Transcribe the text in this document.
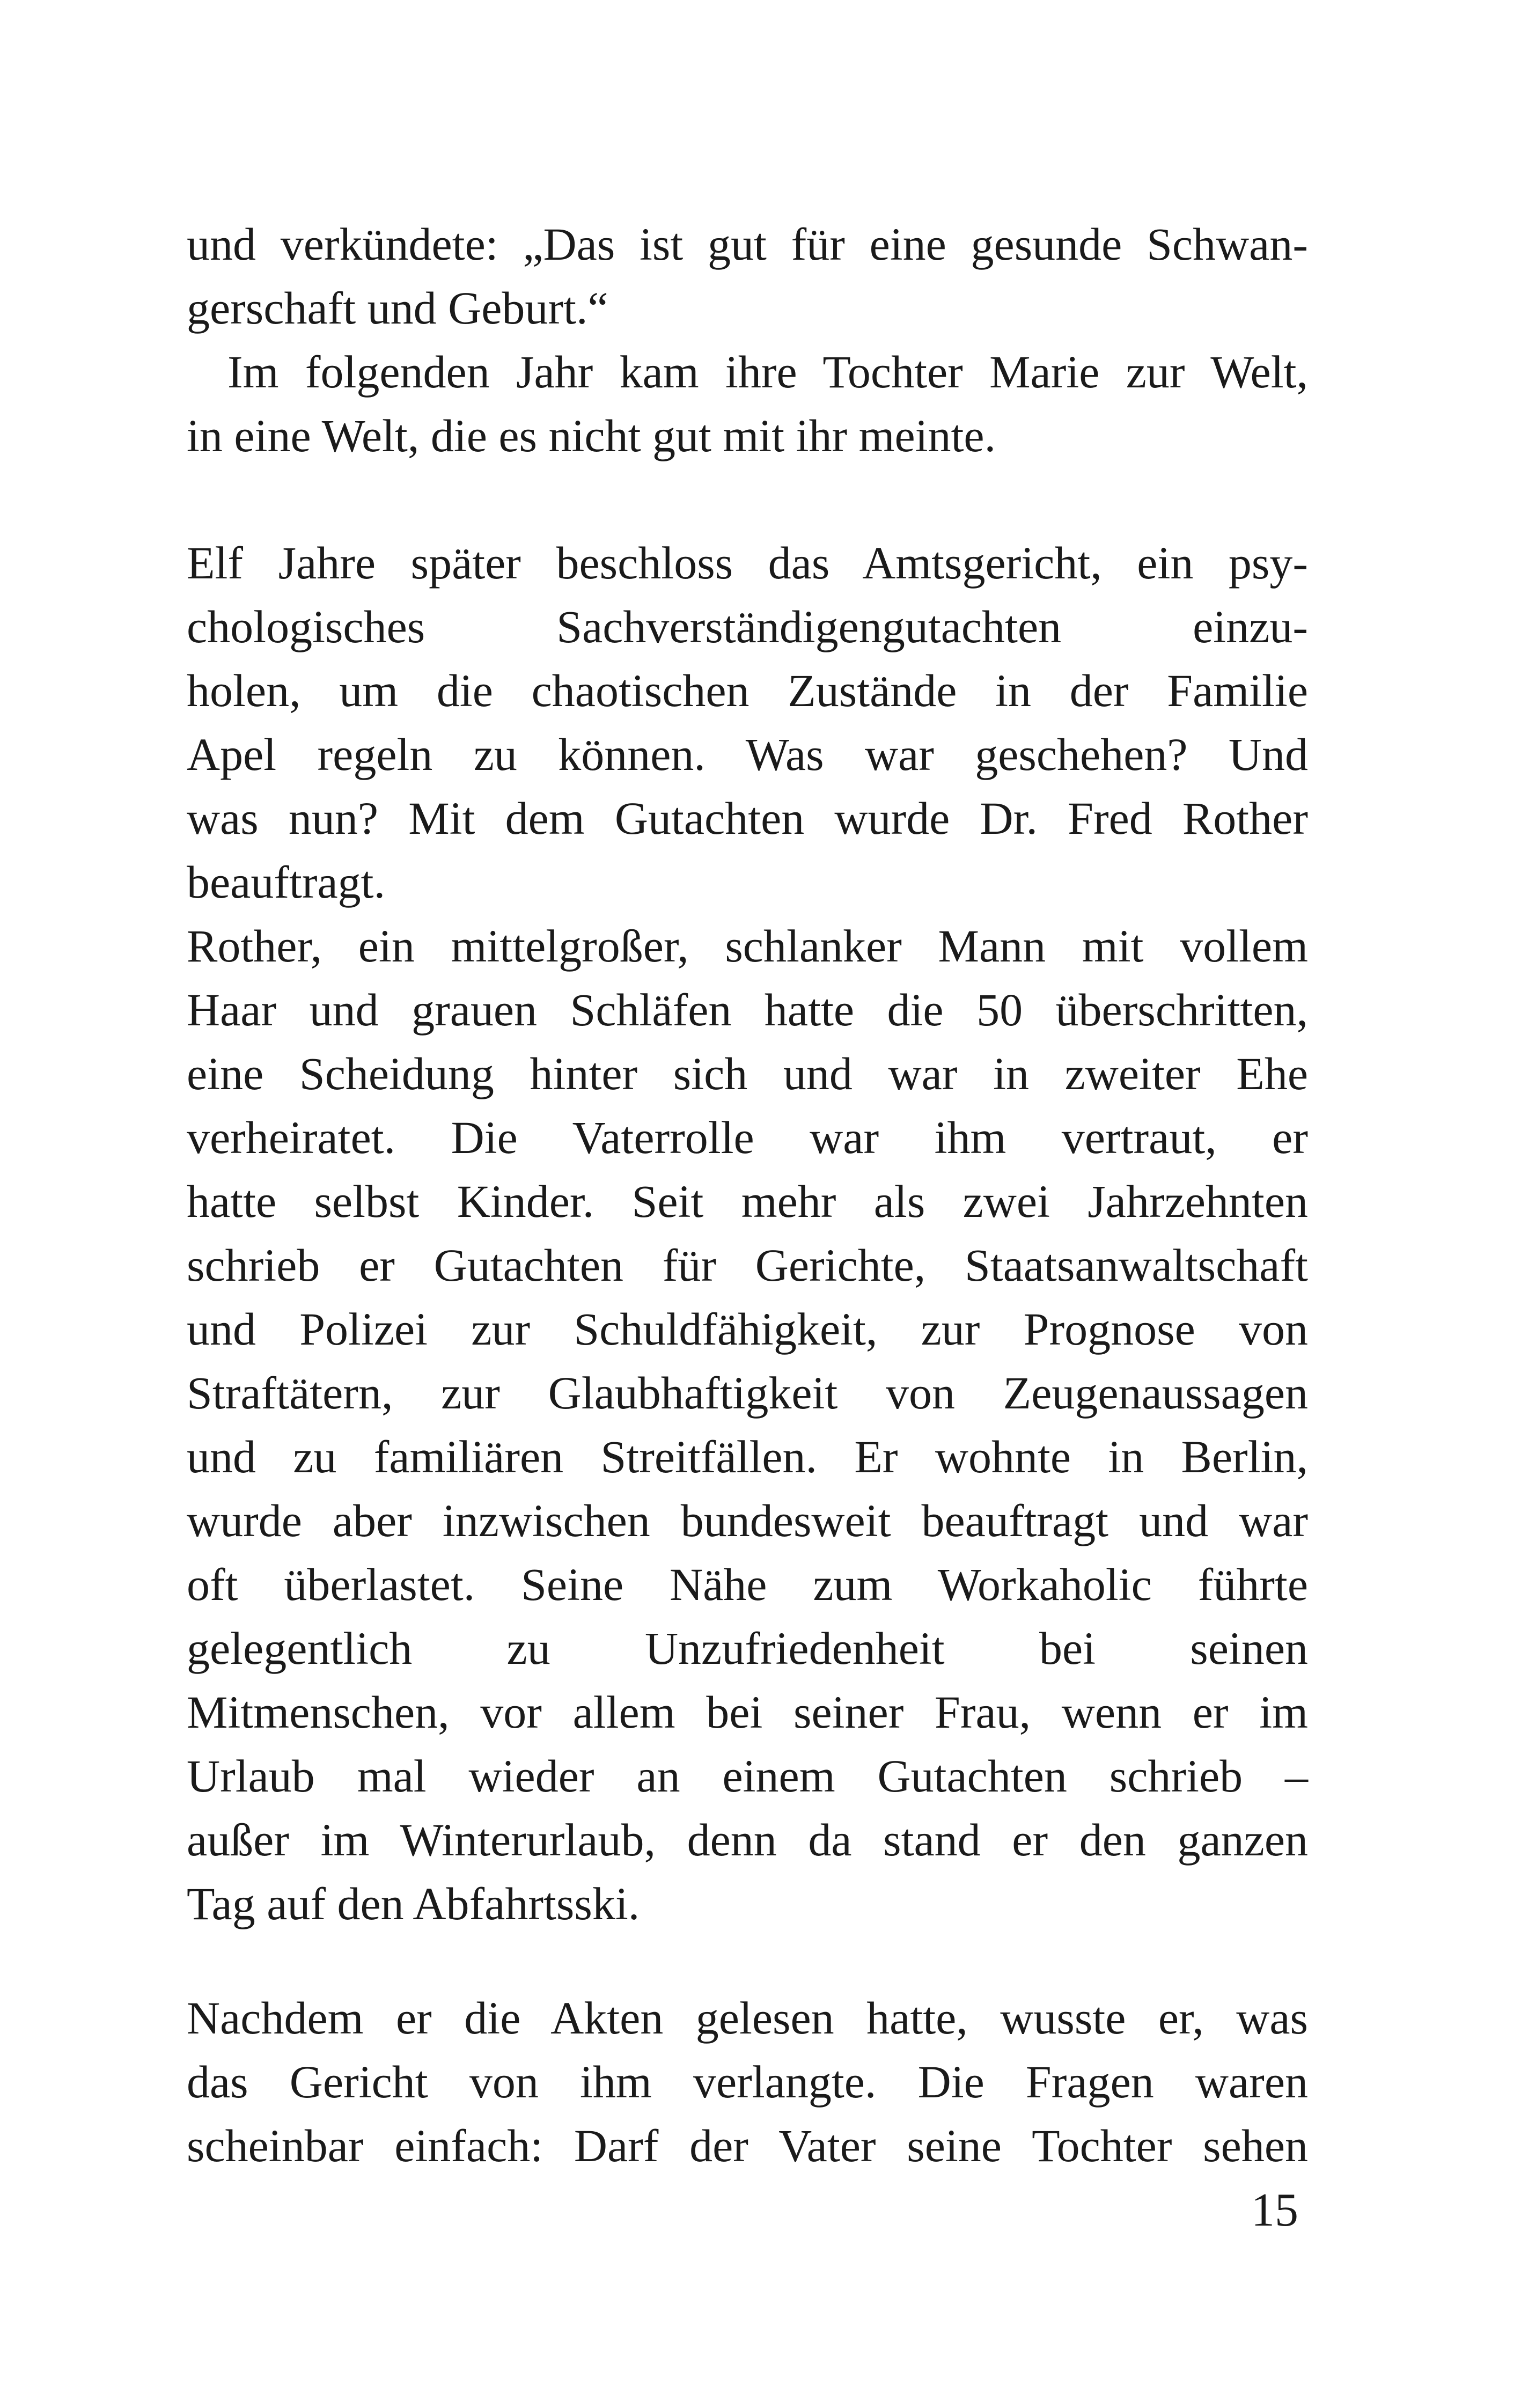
und verkündete: „Das ist gut für eine gesunde Schwan-
gerschaft und Geburt.“
Im folgenden Jahr kam ihre Tochter Marie zur Welt,
in eine Welt, die es nicht gut mit ihr meinte.
Elf Jahre später beschloss das Amtsgericht, ein psy-
chologisches Sachverständigengutachten einzu-
holen, um die chaotischen Zustände in der Familie
Apel regeln zu können. Was war geschehen? Und
was nun? Mit dem Gutachten wurde Dr. Fred Rother
beauftragt.
Rother, ein mittelgroßer, schlanker Mann mit vollem
Haar und grauen Schläfen hatte die 50 überschritten,
eine Scheidung hinter sich und war in zweiter Ehe
verheiratet. Die Vaterrolle war ihm vertraut, er
hatte selbst Kinder. Seit mehr als zwei Jahrzehnten
schrieb er Gutachten für Gerichte, Staatsanwaltschaft
und Polizei zur Schuldfähigkeit, zur Prognose von
Straftätern, zur Glaubhaftigkeit von Zeugenaussagen
und zu familiären Streitfällen. Er wohnte in Berlin,
wurde aber inzwischen bundesweit beauftragt und war
oft überlastet. Seine Nähe zum Workaholic führte
gelegentlich zu Unzufriedenheit bei seinen
Mitmenschen, vor allem bei seiner Frau, wenn er im
Urlaub mal wieder an einem Gutachten schrieb –
außer im Winterurlaub, denn da stand er den ganzen
Tag auf den Abfahrtsski.
Nachdem er die Akten gelesen hatte, wusste er, was
das Gericht von ihm verlangte. Die Fragen waren
scheinbar einfach: Darf der Vater seine Tochter sehen
15
